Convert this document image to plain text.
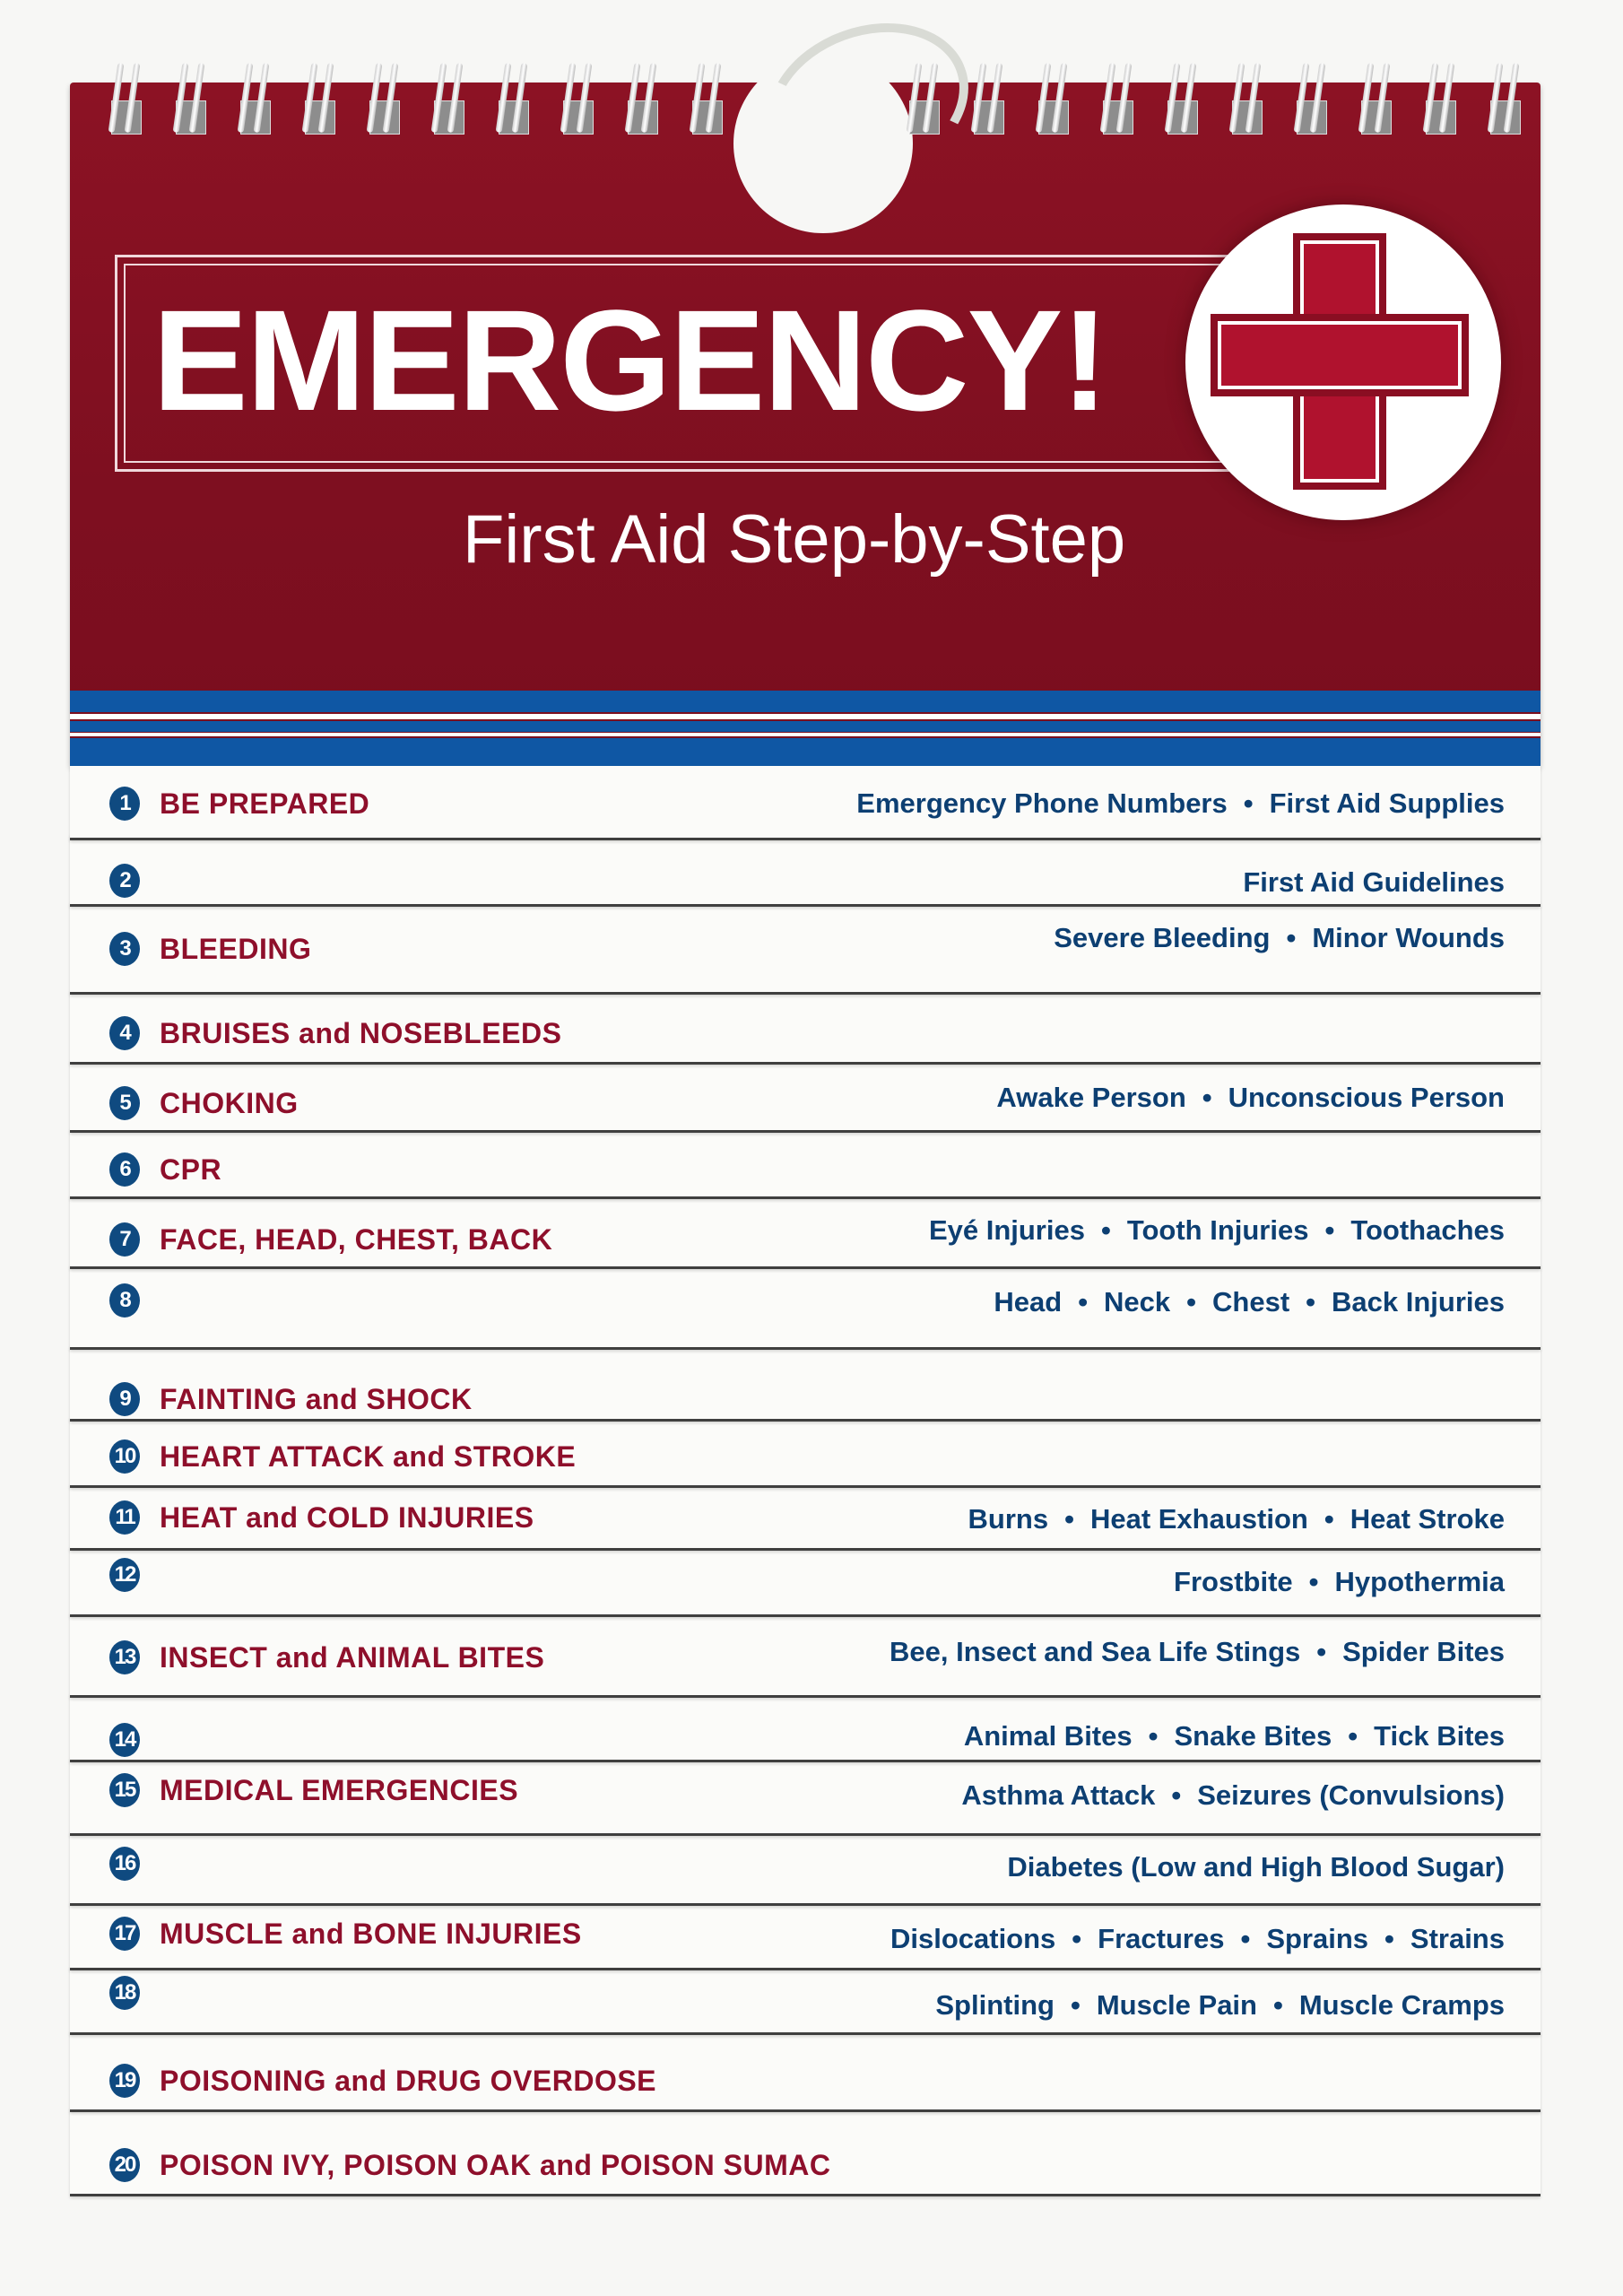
EMERGENCY!
First Aid Step-by-Step
1	BE PREPARED	Emergency Phone Numbers • First Aid Supplies
2	First Aid Guidelines
3	BLEEDING	Severe Bleeding • Minor Wounds
4	BRUISES and NOSEBLEEDS
5	CHOKING	Awake Person • Unconscious Person
6	CPR
7	FACE, HEAD, CHEST, BACK	Eyé Injuries • Tooth Injuries • Toothaches
8	Head • Neck • Chest • Back Injuries
9	FAINTING and SHOCK
10 HEART ATTACK and STROKE
11 HEAT and COLD INJURIES	Burns • Heat Exhaustion • Heat Stroke
12	Frostbite • Hypothermia
13 INSECT and ANIMAL BITES	Bee, Insect and Sea Life Stings • Spider Bites
14	Animal Bites • Snake Bites • Tick Bites
15 MEDICAL EMERGENCIES	Asthma Attack • Seizures (Convulsions)
16	Diabetes (Low and High Blood Sugar)
17 MUSCLE and BONE INJURIES	Dislocations • Fractures • Sprains • Strains
18	Splinting • Muscle Pain • Muscle Cramps
19 POISONING and DRUG OVERDOSE
20 POISON IVY, POISON OAK and POISON SUMAC
